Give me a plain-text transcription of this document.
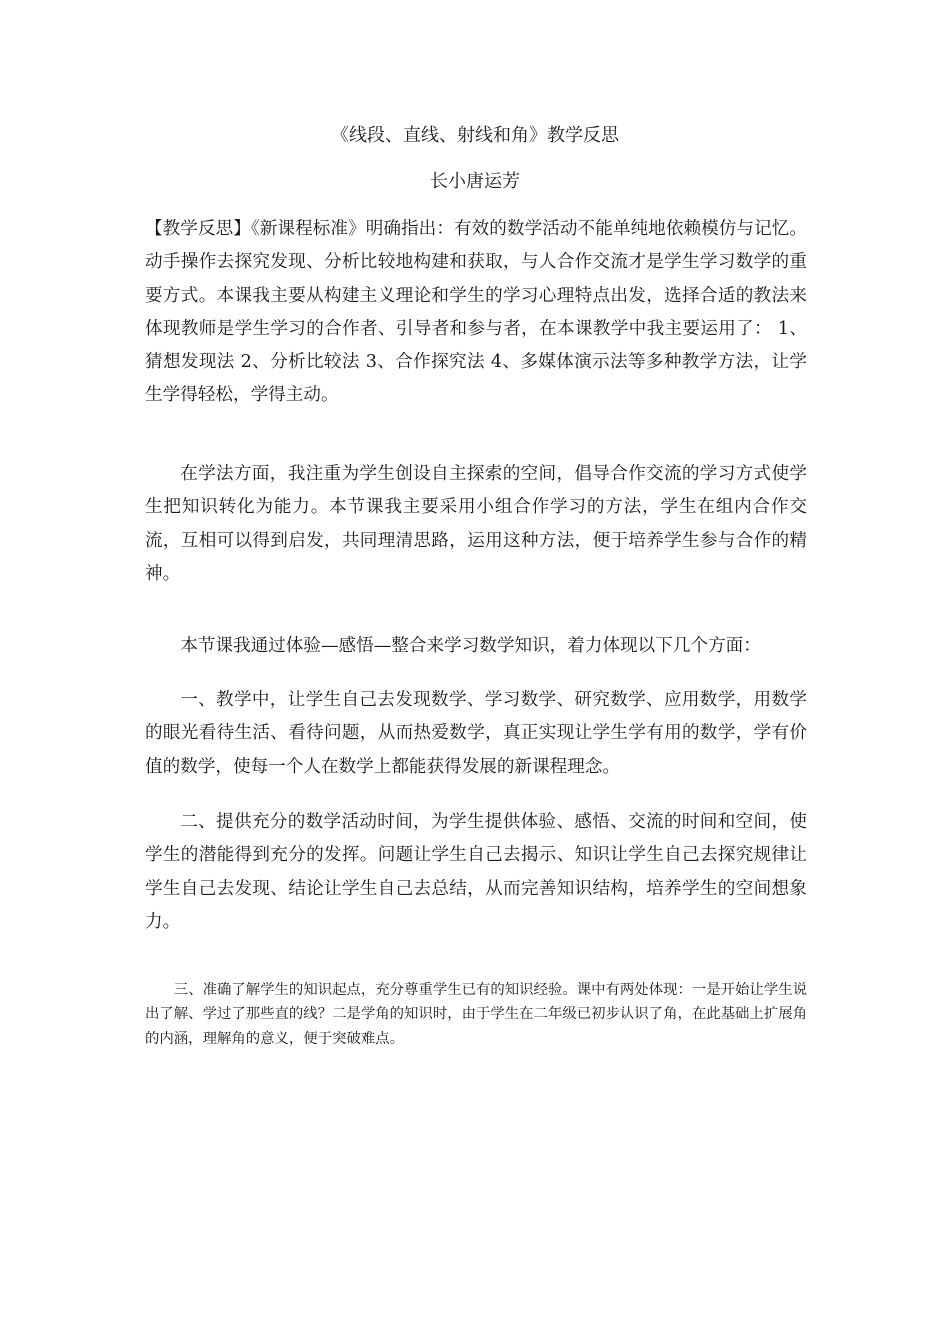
《线段、直线、射线和角》教学反思

长小唐运芳

【教学反思】《新课程标准》明确指出：有效的数学活动不能单纯地依赖模仿与记忆。动手操作去探究发现、分析比较地构建和获取，与人合作交流才是学生学习数学的重要方式。本课我主要从构建主义理论和学生的学习心理特点出发，选择合适的教法来体现教师是学生学习的合作者、引导者和参与者，在本课教学中我主要运用了： 1、猜想发现法 2、分析比较法 3、合作探究法 4、多媒体演示法等多种教学方法，让学生学得轻松，学得主动。

在学法方面，我注重为学生创设自主探索的空间，倡导合作交流的学习方式使学生把知识转化为能力。本节课我主要采用小组合作学习的方法，学生在组内合作交流，互相可以得到启发，共同理清思路，运用这种方法，便于培养学生参与合作的精神。

本节课我通过体验—感悟—整合来学习数学知识，着力体现以下几个方面：

一、教学中，让学生自己去发现数学、学习数学、研究数学、应用数学，用数学的眼光看待生活、看待问题，从而热爱数学，真正实现让学生学有用的数学，学有价值的数学，使每一个人在数学上都能获得发展的新课程理念。

二、提供充分的数学活动时间，为学生提供体验、感悟、交流的时间和空间，使学生的潜能得到充分的发挥。问题让学生自己去揭示、知识让学生自己去探究规律让学生自己去发现、结论让学生自己去总结，从而完善知识结构，培养学生的空间想象力。

三、准确了解学生的知识起点，充分尊重学生已有的知识经验。课中有两处体现：一是开始让学生说出了解、学过了那些直的线？二是学角的知识时，由于学生在二年级已初步认识了角，在此基础上扩展角的内涵，理解角的意义，便于突破难点。
